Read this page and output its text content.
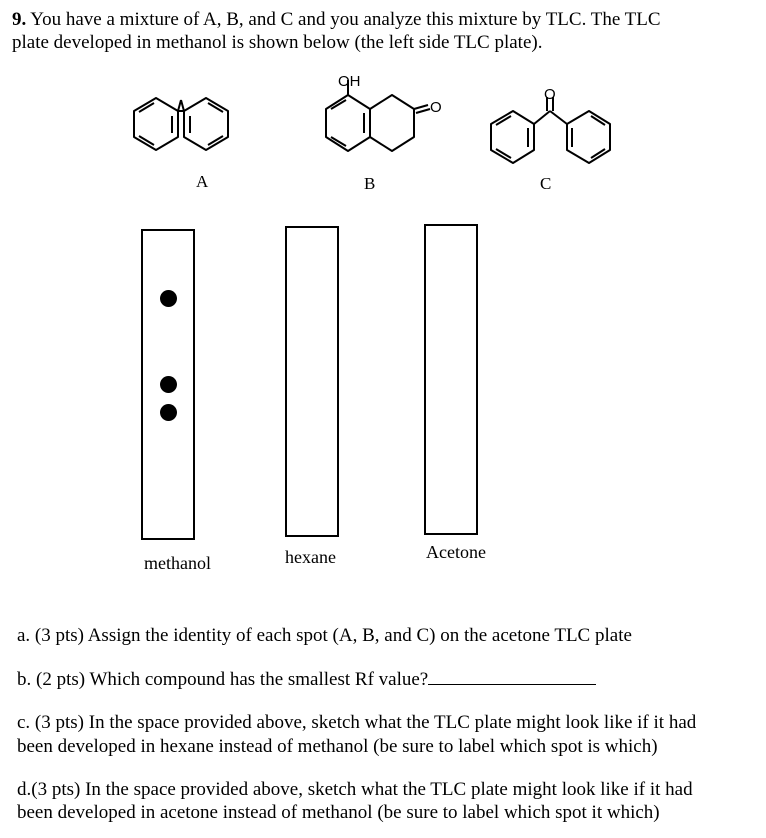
9. You have a mixture of A, B, and C and you analyze this mixture by TLC. The TLC

plate developed in methanol is shown below (the left side TLC plate).

OH
O
O
A	B	C
methanol	hexane	Acetone

a. (3 pts) Assign the identity of each spot (A, B, and C) on the acetone TLC plate

b. (2 pts) Which compound has the smallest Rf value?

c. (3 pts) In the space provided above, sketch what the TLC plate might look like if it had

been developed in hexane instead of methanol (be sure to label which spot is which)

d.(3 pts) In the space provided above, sketch what the TLC plate might look like if it had

been developed in acetone instead of methanol (be sure to label which spot it which)
